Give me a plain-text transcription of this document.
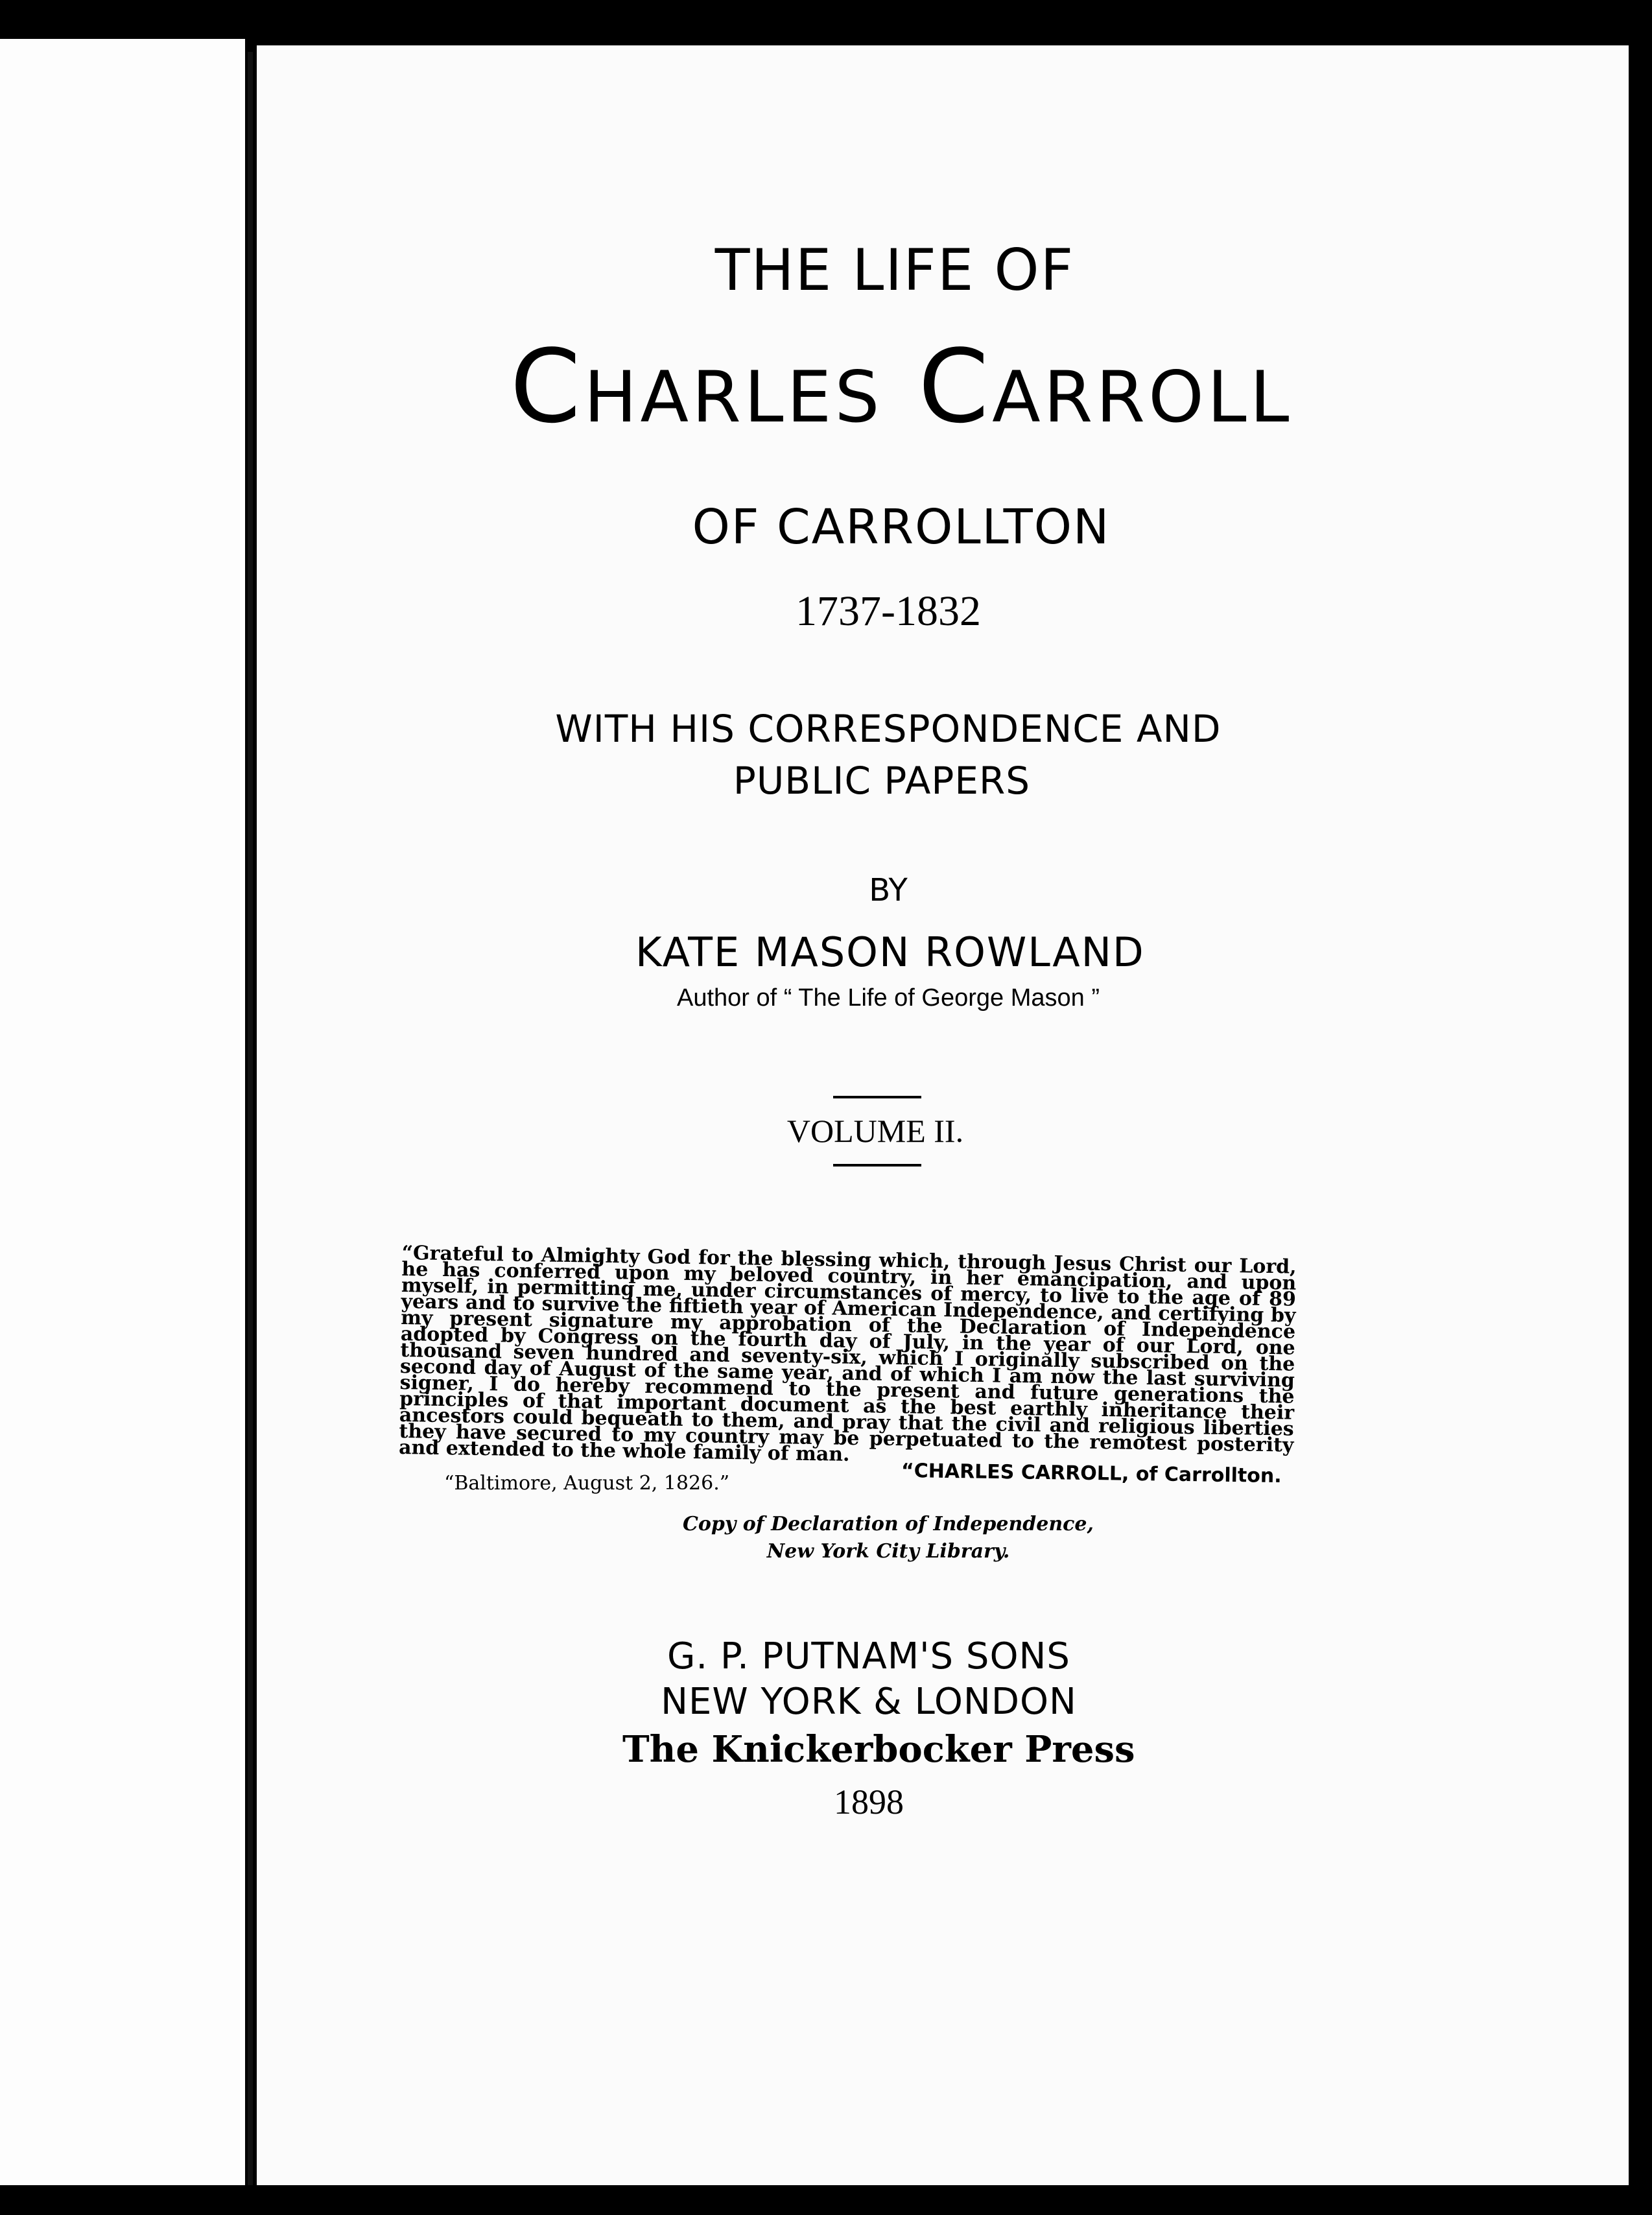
THE LIFE OF
Charles Carroll
OF CARROLLTON
1737-1832
WITH HIS CORRESPONDENCE AND
PUBLIC PAPERS
BY
KATE MASON ROWLAND
Author of “ The Life of George Mason ”
VOLUME II.
“Grateful to Almighty God for the blessing which, through Jesus Christ our Lord, he has conferred upon my beloved country, in her emancipation, and upon myself, in permitting me, under circumstances of mercy, to live to the age of 89 years and to survive the fiftieth year of American Independence, and certifying by my present signature my approbation of the Declaration of Independence adopted by Congress on the fourth day of July, in the year of our Lord, one thousand seven hundred and seventy-six, which I originally subscribed on the second day of August of the same year, and of which I am now the last surviving signer, I do hereby recommend to the present and future generations the principles of that important document as the best earthly inheritance their ancestors could bequeath to them, and pray that the civil and religious liberties they have secured to my country may be perpetuated to the remotest posterity and extended to the whole family of man.
“Baltimore, August 2, 1826.”	“CHARLES CARROLL, of Carrollton.
Copy of Declaration of Independence,
New York City Library.
G. P. PUTNAM'S SONS
NEW YORK & LONDON
The Knickerbocker Press
1898
